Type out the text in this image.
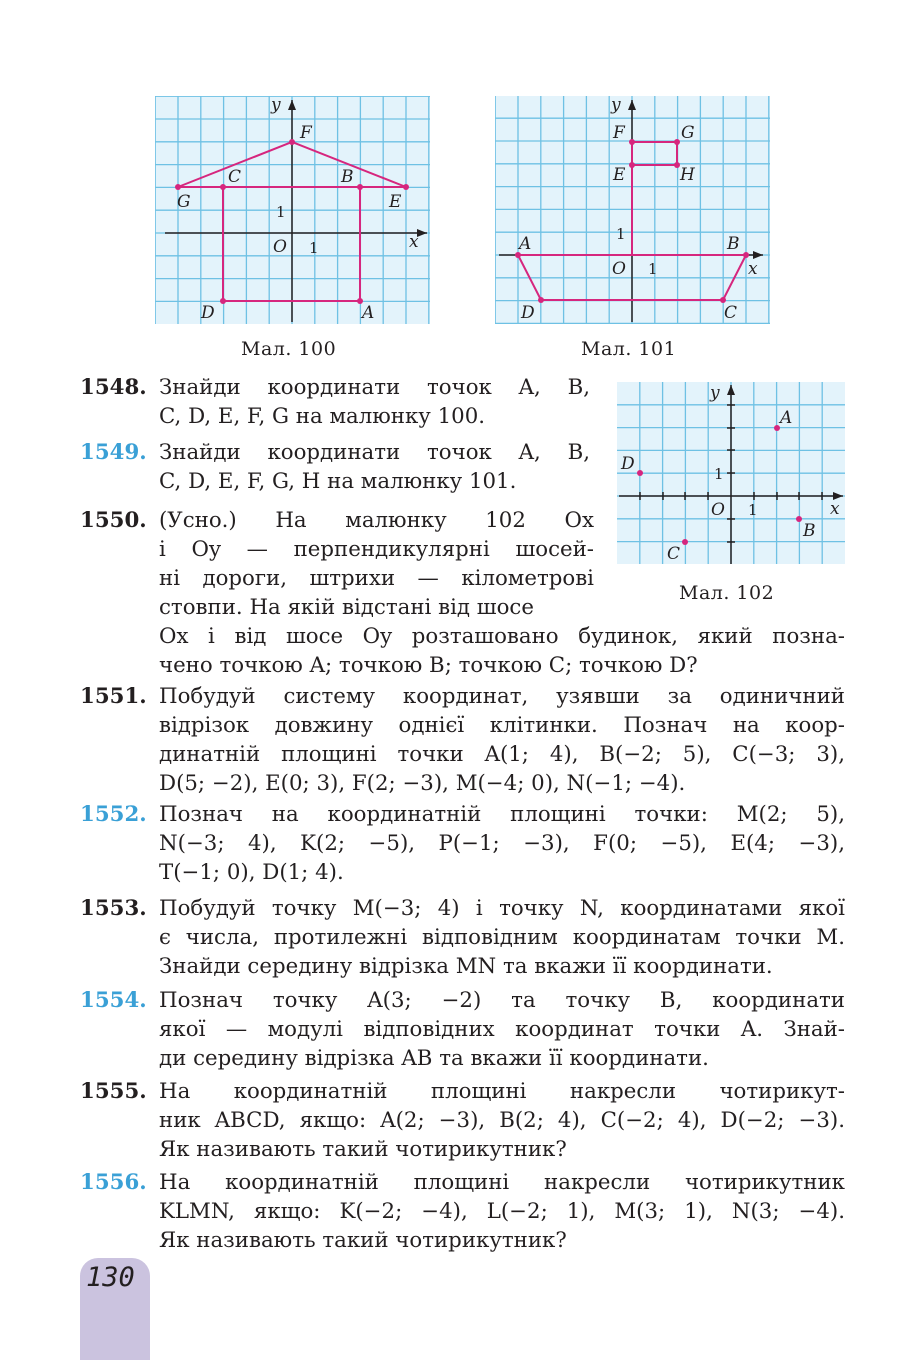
y
x
F
C	B
G	E
D	A
O 1
1
Мал. 100
y
x
F	G
E	H
A	B
D	C
O 1
1
Мал. 101
y
x
A
D
B
C
O 1
1
Мал. 102
1548. Знайди координати точок A, B,
C, D, E, F, G на малюнку 100.
1549. Знайди координати точок A, B,
C, D, E, F, G, H на малюнку 101.
1550. (Усно.) На малюнку 102 Ox
і Oy — перпендикулярні шосей-
ні дороги, штрихи — кілометрові
стовпи. На якій відстані від шосе
Ox і від шосе Oy розташовано будинок, який позна-
чено точкою A; точкою B; точкою C; точкою D?
1551. Побудуй систему координат, узявши за одиничний
відрізок довжину однієї клітинки. Познач на коор-
динатній площині точки A(1; 4), B(−2; 5), C(−3; 3),
D(5; −2), E(0; 3), F(2; −3), M(−4; 0), N(−1; −4).
1552. Познач на координатній площині точки: M(2; 5),
N(−3; 4), K(2; −5), P(−1; −3), F(0; −5), E(4; −3),
T(−1; 0), D(1; 4).
1553. Побудуй точку M(−3; 4) і точку N, координатами якої
є числа, протилежні відповідним координатам точки M.
Знайди середину відрізка MN та вкажи її координати.
1554. Познач точку A(3; −2) та точку B, координати
якої — модулі відповідних координат точки A. Знай-
ди середину відрізка AB та вкажи її координати.
1555. На координатній площині накресли чотирикут-
ник ABCD, якщо: A(2; −3), B(2; 4), C(−2; 4), D(−2; −3).
Як називають такий чотирикутник?
1556. На координатній площині накресли чотирикутник
KLMN, якщо: K(−2; −4), L(−2; 1), M(3; 1), N(3; −4).
Як називають такий чотирикутник?
130
